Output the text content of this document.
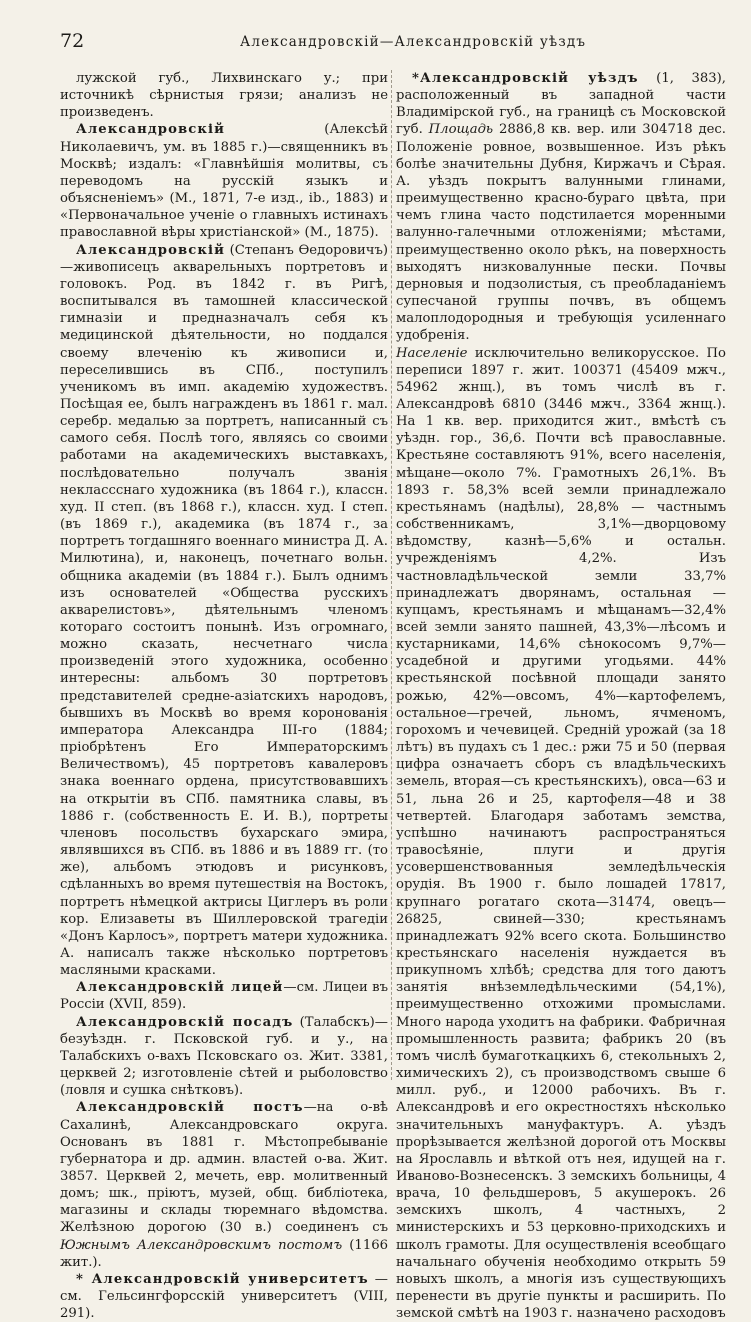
72	Александровскій—Александровскій уѣздъ

лужской губ., Лихвинскаго у.; при источникѣ сѣрнистыя грязи; анализъ не произведенъ.

Александровскій (Алексѣй Николаевичъ, ум. въ 1885 г.)—священникъ въ Москвѣ; издалъ: «Главнѣйшія молитвы, съ переводомъ на русскій языкъ и объясненіемъ» (М., 1871, 7-е изд., ib., 1883) и «Первоначальное ученіе о главныхъ истинахъ православной вѣры христіанской» (М., 1875).

Александровскій (Степанъ Ѳедоровичъ)—живописецъ акварельныхъ портретовъ и головокъ. Род. въ 1842 г. въ Ригѣ, воспитывался въ тамошней классической гимназіи и предназначалъ себя къ медицинской дѣятельности, но поддался своему влеченію къ живописи и, переселившись въ СПб., поступилъ ученикомъ въ имп. академію художествъ. Посѣщая ее, былъ награжденъ въ 1861 г. мал. серебр. медалью за портретъ, написанный съ самого себя. Послѣ того, являясь со своими работами на академическихъ выставкахъ, послѣдовательно получалъ званія неклассснаго художника (въ 1864 г.), классн. худ. II степ. (въ 1868 г.), классн. худ. I степ. (въ 1869 г.), академика (въ 1874 г., за портретъ тогдашняго военнаго министра Д. А. Милютина), и, наконецъ, почетнаго вольн. общника академіи (въ 1884 г.). Былъ однимъ изъ основателей «Общества русскихъ акварелистовъ», дѣятельнымъ членомъ котораго состоитъ понынѣ. Изъ огромнаго, можно сказать, несчетнаго числа произведеній этого художника, особенно интересны: альбомъ 30 портретовъ представителей средне-азіатскихъ народовъ, бывшихъ въ Москвѣ во время коронованія императора Александра III-го (1884; пріобрѣтенъ Его Императорскимъ Величествомъ), 45 портретовъ кавалеровъ знака военнаго ордена, присутствовавшихъ на открытіи въ СПб. памятника славы, въ 1886 г. (собственность Е. И. В.), портреты членовъ посольствъ бухарскаго эмира, являвшихся въ СПб. въ 1886 и въ 1889 гг. (то же), альбомъ этюдовъ и рисунковъ, сдѣланныхъ во время путешествія на Востокъ, портретъ нѣмецкой актрисы Циглеръ въ роли кор. Елизаветы въ Шиллеровской трагедіи «Донъ Карлосъ», портретъ матери художника. А. написалъ также нѣсколько портретовъ масляными красками.

Александровскій лицей—см. Лицеи въ Россіи (XVII, 859).

Александровскій посадъ (Талабскъ)—безуѣздн. г. Псковской губ. и у., на Талабскихъ о-вахъ Псковскаго оз. Жит. 3381, церквей 2; изготовленіе сѣтей и рыболовство (ловля и сушка снѣтковъ).

Александровскій постъ—на о-вѣ Сахалинѣ, Александровскаго округа. Основанъ въ 1881 г. Мѣстопребываніе губернатора и др. админ. властей о-ва. Жит. 3857. Церквей 2, мечеть, евр. молитвенный домъ; шк., пріютъ, музей, общ. библіотека, магазины и склады тюремнаго вѣдомства. Желѣзною дорогою (30 в.) соединенъ съ Южнымъ Александровскимъ постомъ (1166 жит.).

* Александровскій университетъ — см. Гельсингфорсскій университетъ (VIII, 291).

*Александровскій уѣздъ (1, 383), расположенный въ западной части Владимірской губ., на границѣ съ Московской губ. Площадь 2886,8 кв. вер. или 304718 дес. Положеніе ровное, возвышенное. Изъ рѣкъ болѣе значительны Дубня, Киржачъ и Сѣрая. А. уѣздъ покрытъ валунными глинами, преимущественно красно-бураго цвѣта, при чемъ глина часто подстилается моренными валунно-галечными отложеніями; мѣстами, преимущественно около рѣкъ, на поверхность выходятъ низковалунные пески. Почвы дерновыя и подзолистыя, съ преобладаніемъ супесчаной группы почвъ, въ общемъ малоплодородныя и требующія усиленнаго удобренія.

Населеніе исключительно великорусское. По переписи 1897 г. жит. 100371 (45409 мжч., 54962 жнщ.), въ томъ числѣ въ г. Александровѣ 6810 (3446 мжч., 3364 жнщ.). На 1 кв. вер. приходится жит., вмѣстѣ съ уѣздн. гор., 36,6. Почти всѣ православные. Крестьяне составляютъ 91%, всего населенія, мѣщане—около 7%. Грамотныхъ 26,1%. Въ 1893 г. 58,3% всей земли принадлежало крестьянамъ (надѣлы), 28,8% — частнымъ собственникамъ, 3,1%—дворцовому вѣдомству, казнѣ—5,6% и остальн. учрежденіямъ 4,2%. Изъ частновладѣльческой земли 33,7% принадлежатъ дворянамъ, остальная — купцамъ, крестьянамъ и мѣщанамъ—32,4% всей земли занято пашней, 43,3%—лѣсомъ и кустарниками, 14,6% сѣнокосомъ 9,7%—усадебной и другими угодьями. 44% крестьянской посѣвной площади занято рожью, 42%—овсомъ, 4%—картофелемъ, остальное—гречей, льномъ, ячменомъ, горохомъ и чечевицей. Средній урожай (за 18 лѣтъ) въ пудахъ съ 1 дес.: ржи 75 и 50 (первая цифра означаетъ сборъ съ владѣльческихъ земель, вторая—съ крестьянскихъ), овса—63 и 51, льна 26 и 25, картофеля—48 и 38 четвертей. Благодаря заботамъ земства, успѣшно начинаютъ распространяться травосѣяніе, плуги и другія усовершенствованныя земледѣльческія орудія. Въ 1900 г. было лошадей 17817, крупнаго рогатаго скота—31474, овецъ—26825, свиней—330; крестьянамъ принадлежатъ 92% всего скота. Большинство крестьянскаго населенія нуждается въ прикупномъ хлѣбѣ; средства для того даютъ занятія внѣземледѣльческими (54,1%), преимущественно отхожими промыслами. Много народа уходитъ на фабрики. Фабричная промышленность развита; фабрикъ 20 (въ томъ числѣ бумаготкацкихъ 6, стекольныхъ 2, химическихъ 2), съ производствомъ свыше 6 милл. руб., и 12000 рабочихъ. Въ г. Александровѣ и его окрестностяхъ нѣсколько значительныхъ мануфактуръ. А. уѣздъ прорѣзывается желѣзной дорогой отъ Москвы на Ярославль и вѣткой отъ нея, идущей на г. Иваново-Вознесенскъ. 3 земскихъ больницы, 4 врача, 10 фельдшеровъ, 5 акушерокъ. 26 земскихъ школъ, 4 частныхъ, 2 министерскихъ и 53 церковно-приходскихъ и школъ грамоты. Для осуществленія всеобщаго начальнаго обученія необходимо открыть 59 новыхъ школъ, а многія изъ существующихъ перенести въ другіе пункты и расширить. По земской смѣтѣ на 1903 г. назначено расходовъ
